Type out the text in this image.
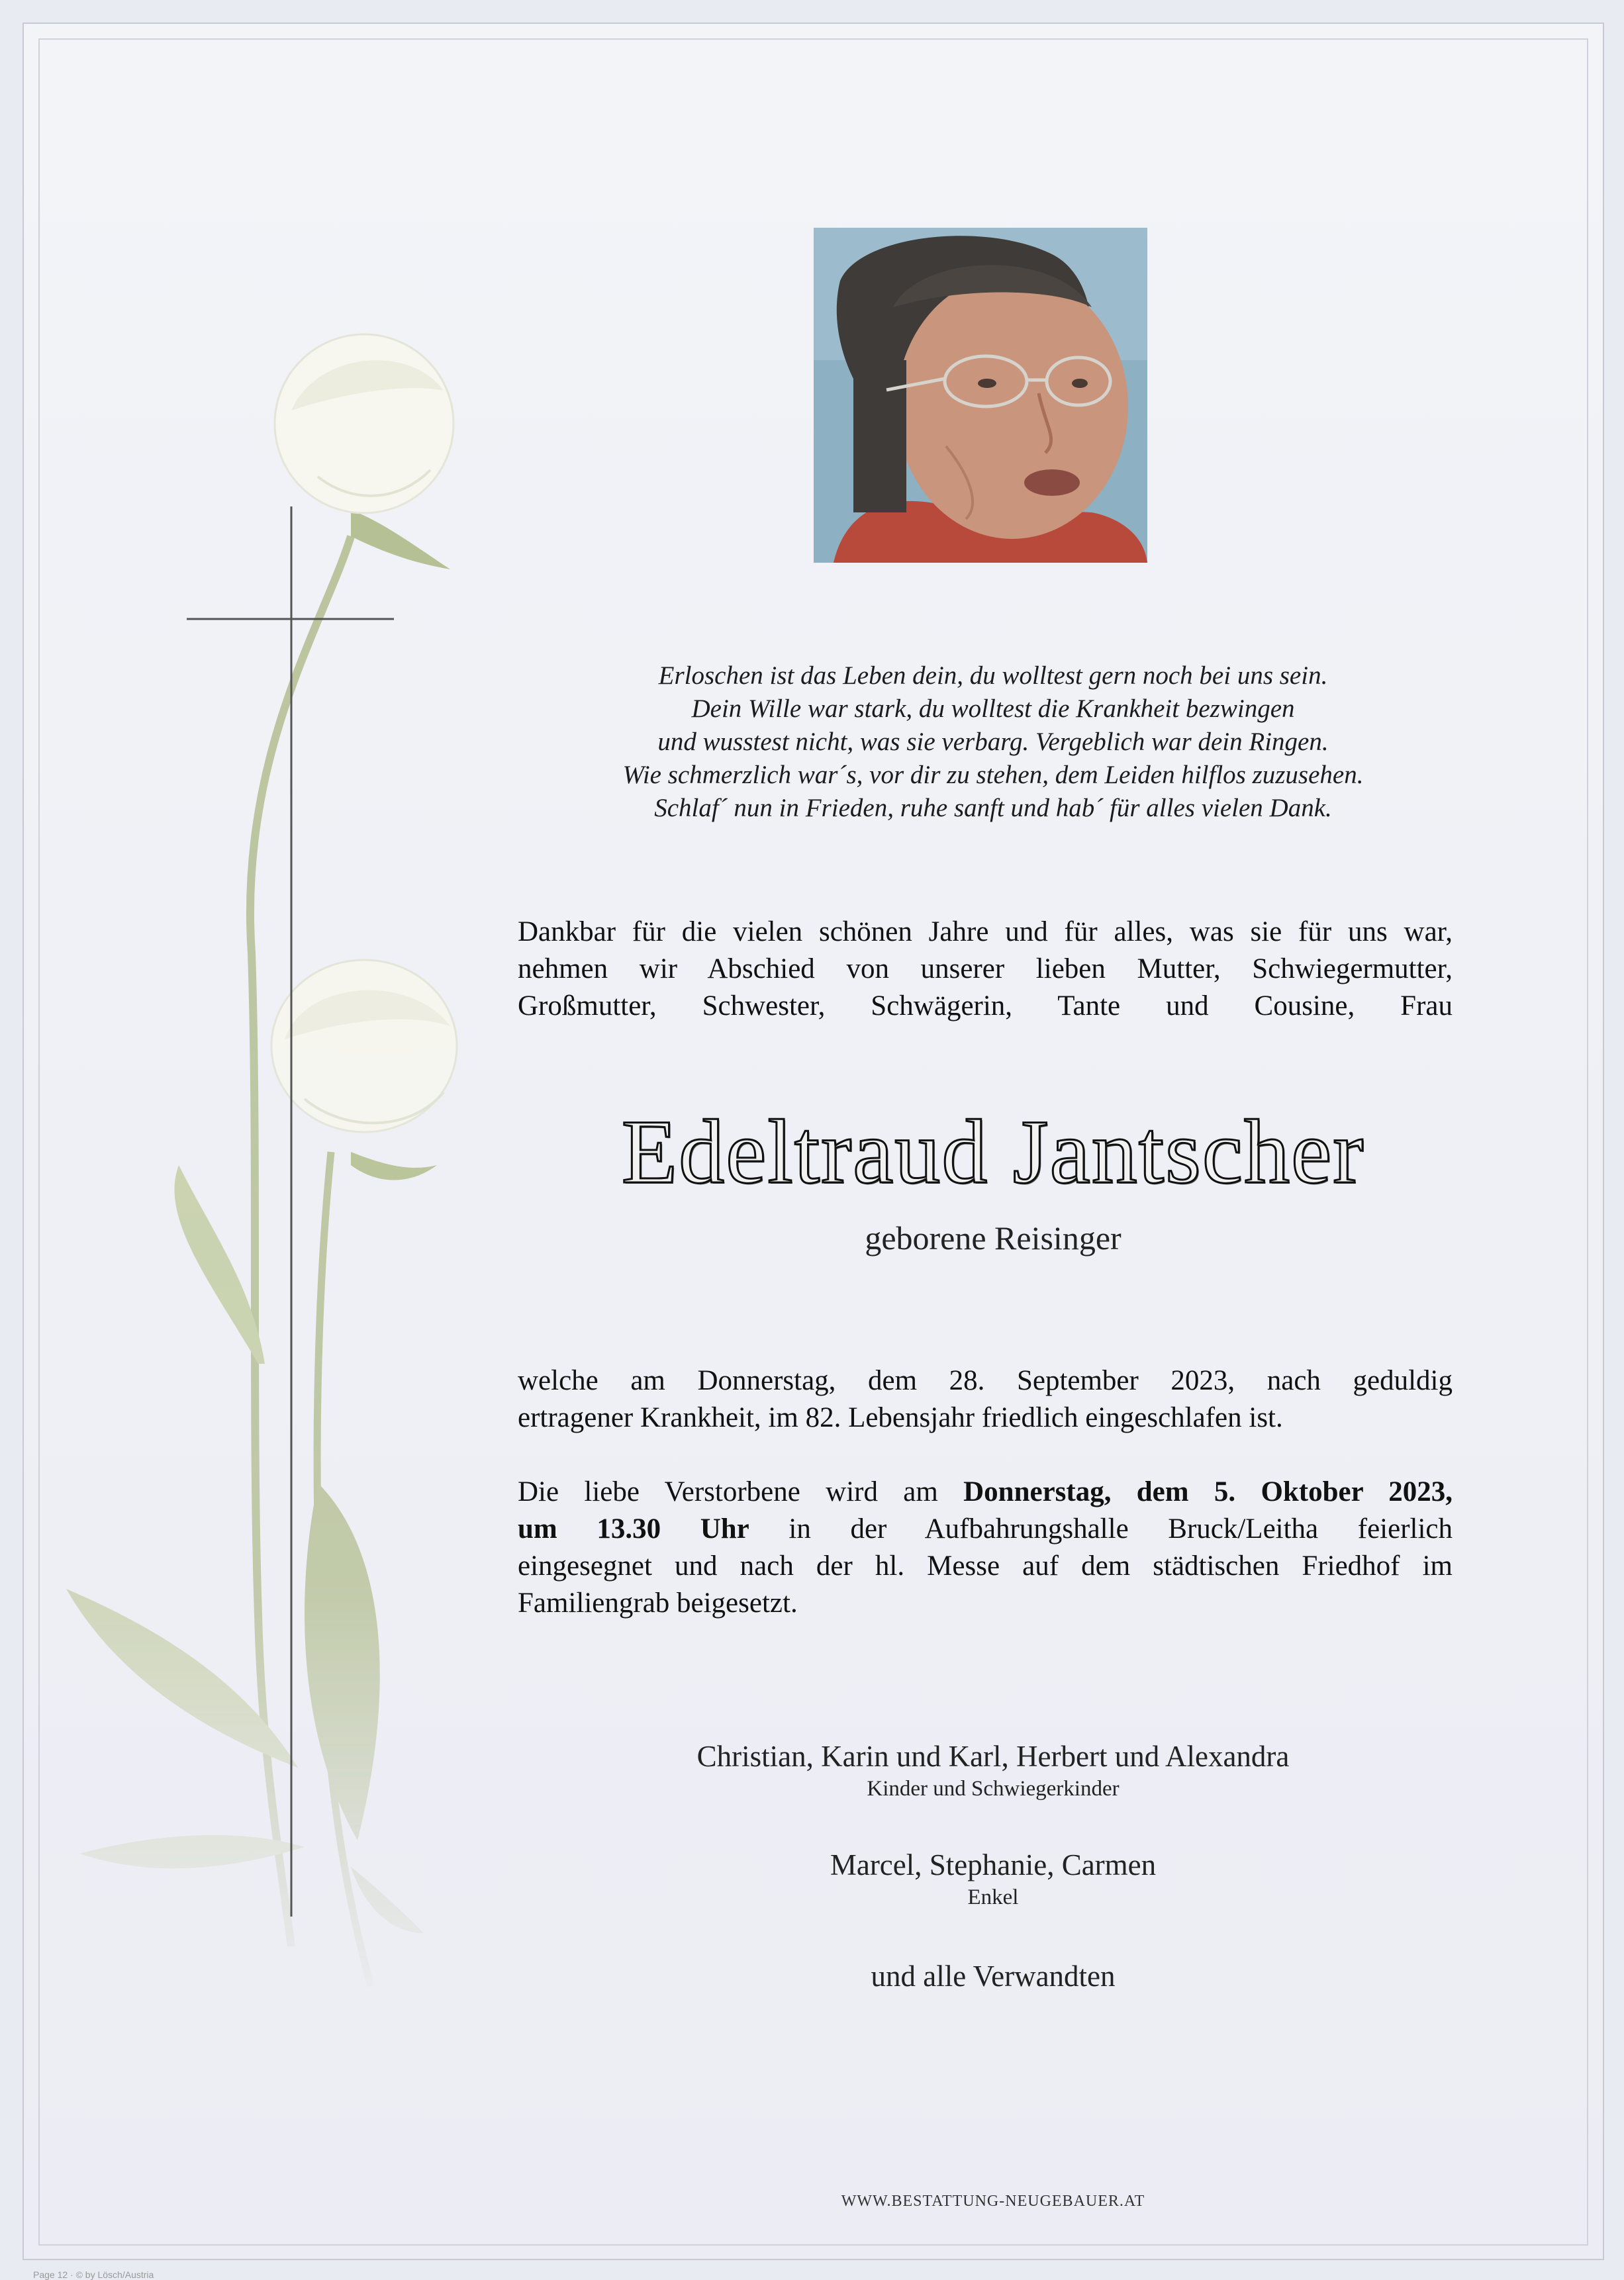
Erloschen ist das Leben dein, du wolltest gern noch bei uns sein.
Dein Wille war stark, du wolltest die Krankheit bezwingen
und wusstest nicht, was sie verbarg. Vergeblich war dein Ringen.
Wie schmerzlich war´s, vor dir zu stehen, dem Leiden hilflos zuzusehen.
Schlaf´ nun in Frieden, ruhe sanft und hab´ für alles vielen Dank.
Dankbar für die vielen schönen Jahre und für alles, was sie für uns war,
nehmen wir Abschied von unserer lieben Mutter, Schwiegermutter,
Großmutter, Schwester, Schwägerin, Tante und Cousine, Frau
Edeltraud Jantscher
geborene Reisinger
welche am Donnerstag, dem 28. September 2023, nach geduldig
ertragener Krankheit, im 82. Lebensjahr friedlich eingeschlafen ist.
Die liebe Verstorbene wird am Donnerstag, dem 5. Oktober 2023,
um 13.30 Uhr in der Aufbahrungshalle Bruck/Leitha feierlich
eingesegnet und nach der hl. Messe auf dem städtischen Friedhof im
Familiengrab beigesetzt.
Christian, Karin und Karl, Herbert und Alexandra
Kinder und Schwiegerkinder
Marcel, Stephanie, Carmen
Enkel
und alle Verwandten
WWW.BESTATTUNG-NEUGEBAUER.AT
Page 12 · © by Lösch/Austria
